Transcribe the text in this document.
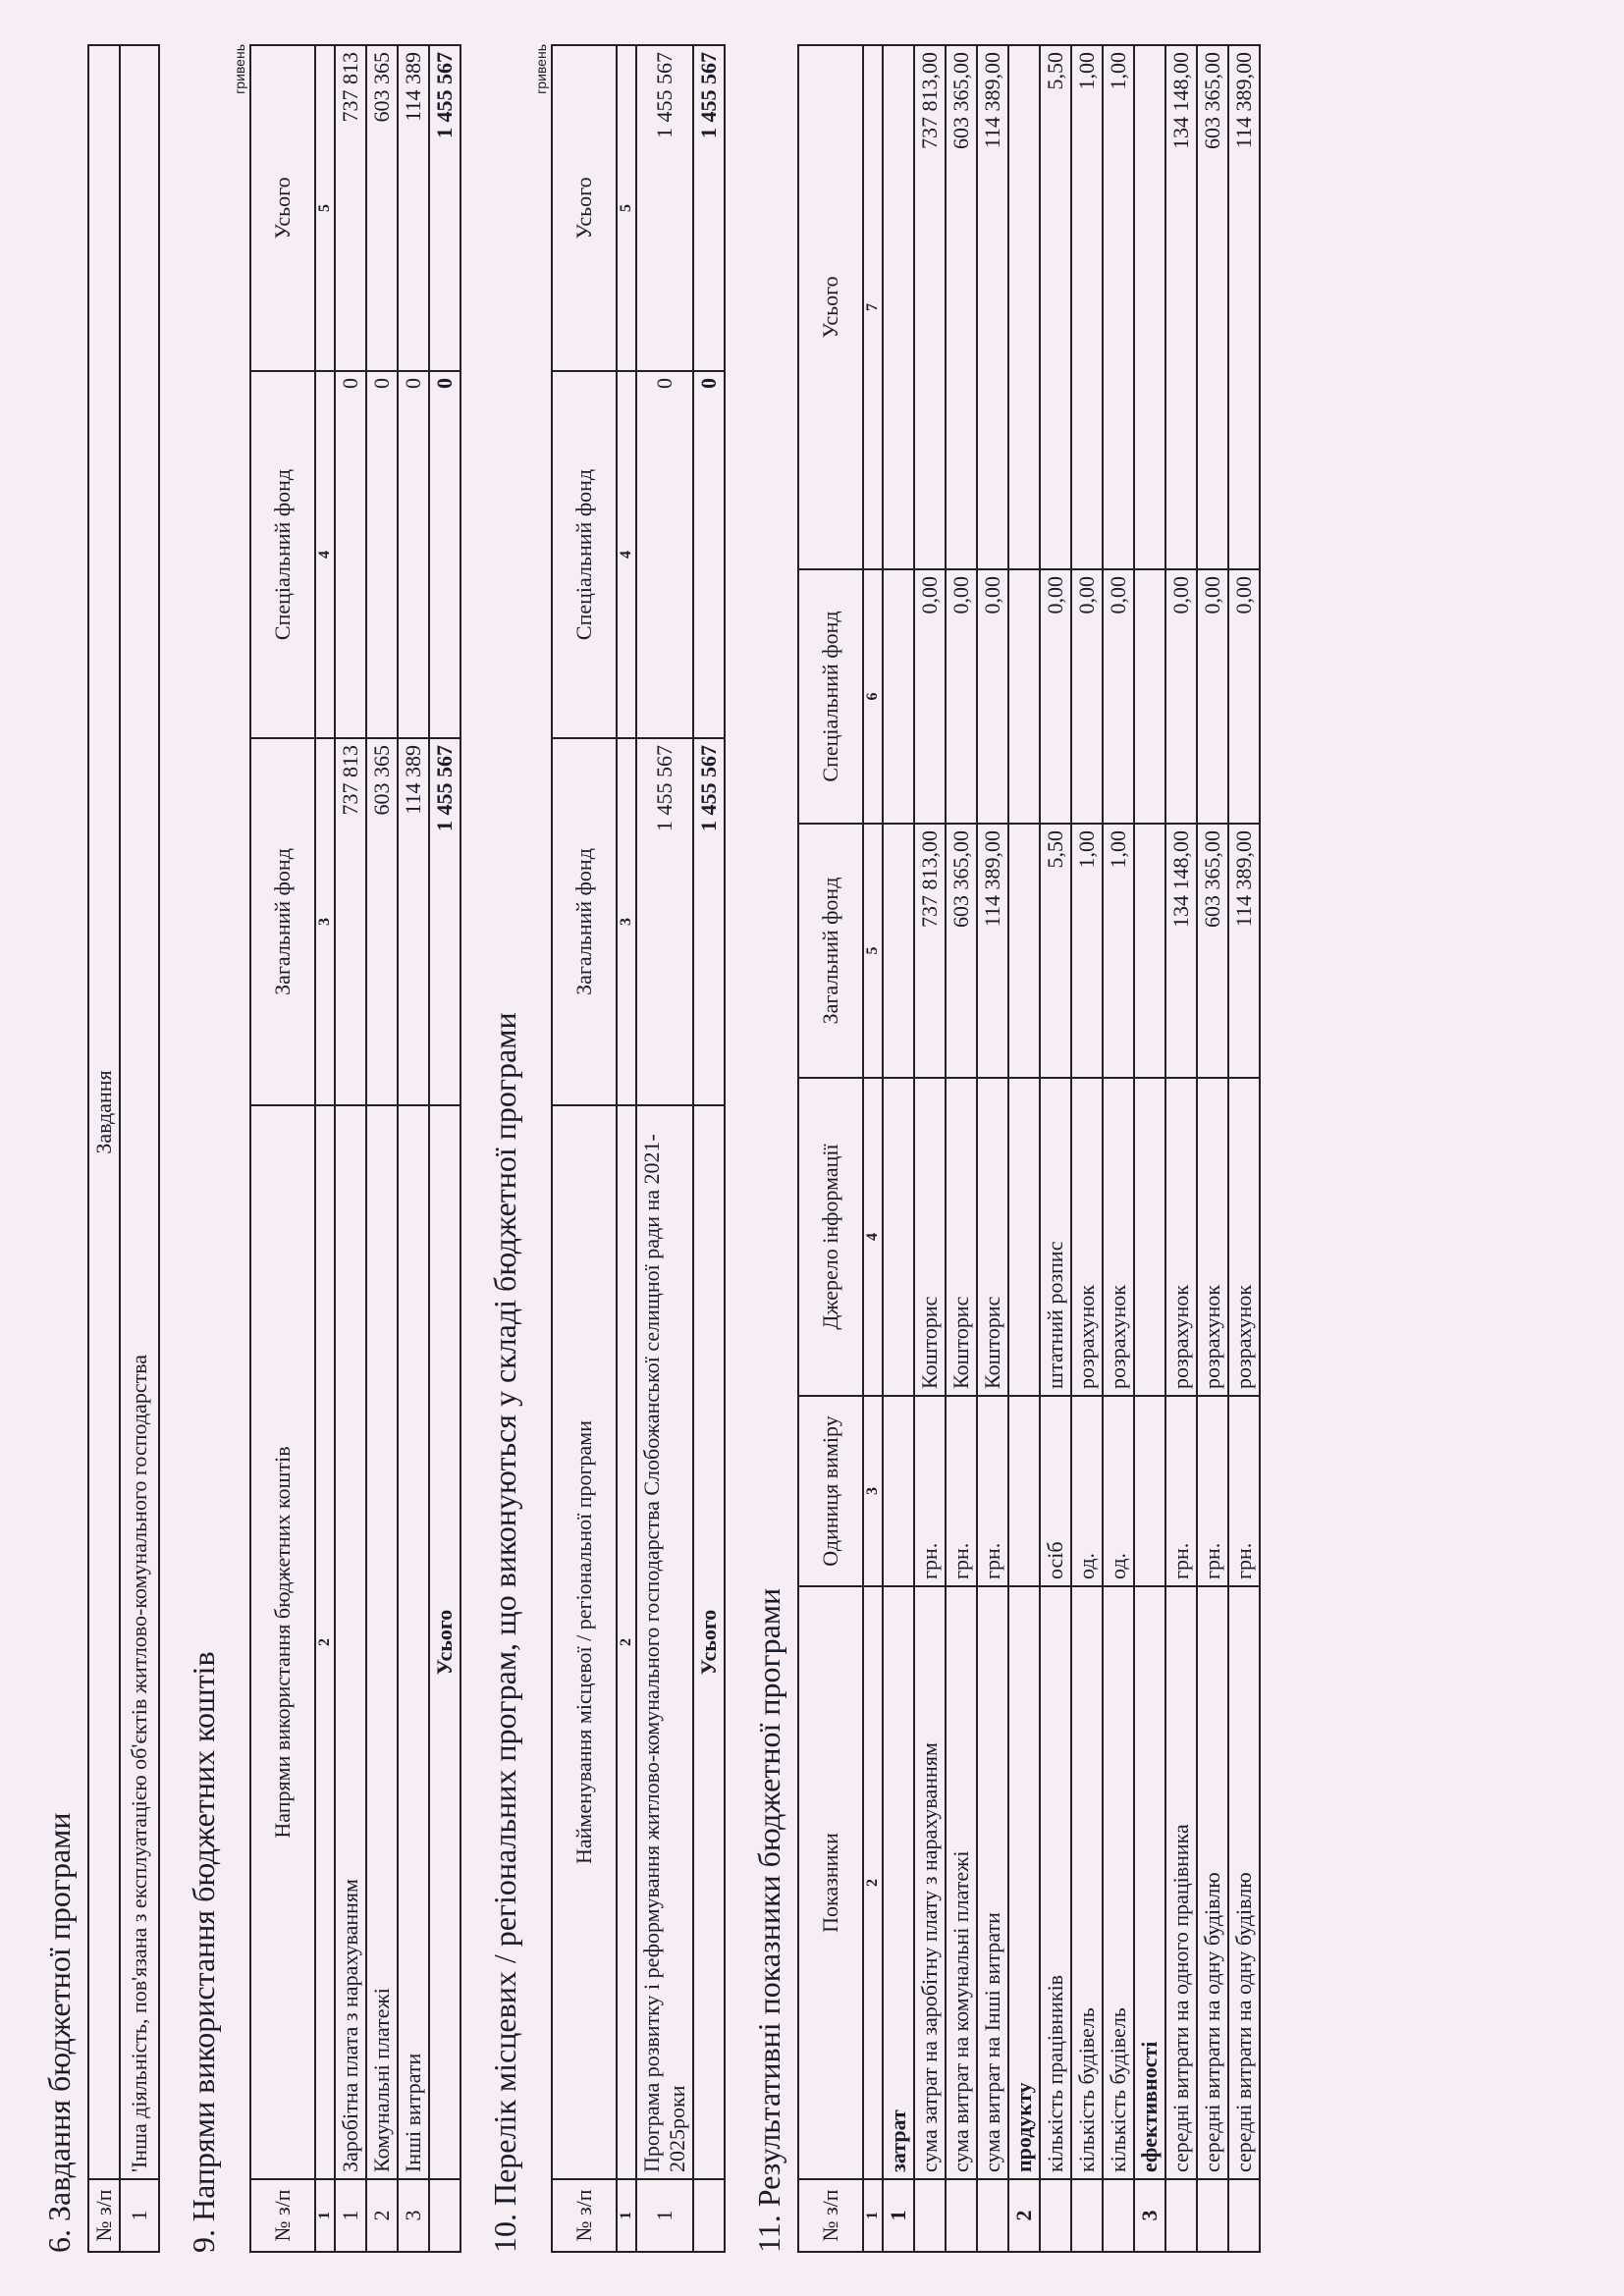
6. Завдання бюджетної програми № з/п	Завдання
1	'Інша діяльність, пов'язана з експлуатацією об'єктів житлово-комунального господарства 9. Напрями використання бюджетних коштів
гривень
№ з/п	Напрями використання бюджетних коштів	Загальний фонд	Спеціальний фонд	Усього
1	2	3	4	5
1	Заробітна плата з нарахуванням	737 813	0	737 813
2	Комунальні платежі	603 365	0	603 365
3	Інші витрати	114 389	0	114 389
	Усього	1 455 567	0	1 455 567
10. Перелік місцевих / регіональних програм, що виконуються у складі бюджетної програми
гривень
№ з/п	Найменування місцевої / регіональної програми	Загальний фонд	Спеціальний фонд	Усього
1	2	3	4	5
1	Програма розвитку і реформування житлово-комунального господарства Слобожанської селищної ради на 2021-2025роки	1 455 567	0	1 455 567
	Усього	1 455 567	0	1 455 567
11. Результативні показники бюджетної програми № з/п	Показники	Одиниця виміру	Джерело інформації	Загальний фонд	Спеціальний фонд	Усього
1	2	3	4	5	6	7
1	затрат					
	сума затрат на заробітну плату з нарахуванням	грн.	Кошторис	737 813,00	0,00	737 813,00
	сума витрат на комунальні платежі	грн.	Кошторис	603 365,00	0,00	603 365,00
	сума витрат на Інші витрати	грн.	Кошторис	114 389,00	0,00	114 389,00
2	продукту					
	кількість працівників	осіб	штатний розпис	5,50	0,00	5,50
	кількість будівель	од.	розрахунок	1,00	0,00	1,00
	кількість будівель	од.	розрахунок	1,00	0,00	1,00
3	ефективності					
	середні витрати на одного працівника	грн.	розрахунок	134 148,00	0,00	134 148,00
	середні витрати на одну будівлю	грн.	розрахунок	603 365,00	0,00	603 365,00
	середні витрати на одну будівлю	грн.	розрахунок	114 389,00	0,00	114 389,00
